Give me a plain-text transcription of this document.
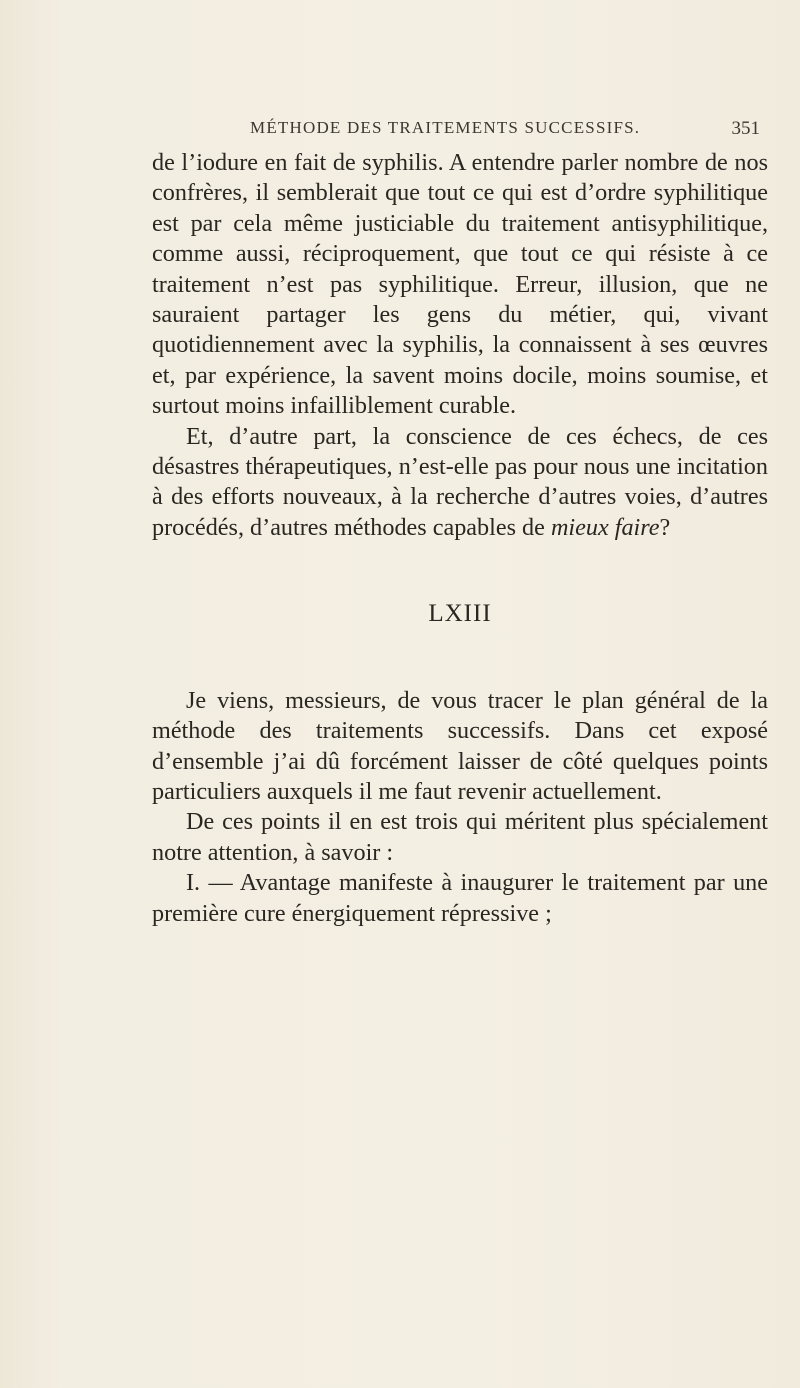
MÉTHODE DES TRAITEMENTS SUCCESSIFS.	351

de l’iodure en fait de syphilis. A entendre parler nombre de nos confrères, il semblerait que tout ce qui est d’ordre syphilitique est par cela même justiciable du traitement antisyphilitique, comme aussi, réciproquement, que tout ce qui résiste à ce traitement n’est pas syphilitique. Erreur, illusion, que ne sauraient partager les gens du métier, qui, vivant quotidiennement avec la syphilis, la connaissent à ses œuvres et, par expérience, la savent moins docile, moins soumise, et surtout moins infailliblement curable.

Et, d’autre part, la conscience de ces échecs, de ces désastres thérapeutiques, n’est-elle pas pour nous une incitation à des efforts nouveaux, à la recherche d’autres voies, d’autres procédés, d’autres méthodes capables de mieux faire?

LXIII

Je viens, messieurs, de vous tracer le plan général de la méthode des traitements successifs. Dans cet exposé d’ensemble j’ai dû forcément laisser de côté quelques points particuliers auxquels il me faut revenir actuellement.

De ces points il en est trois qui méritent plus spécialement notre attention, à savoir :

I. — Avantage manifeste à inaugurer le traitement par une première cure énergiquement répressive ;
